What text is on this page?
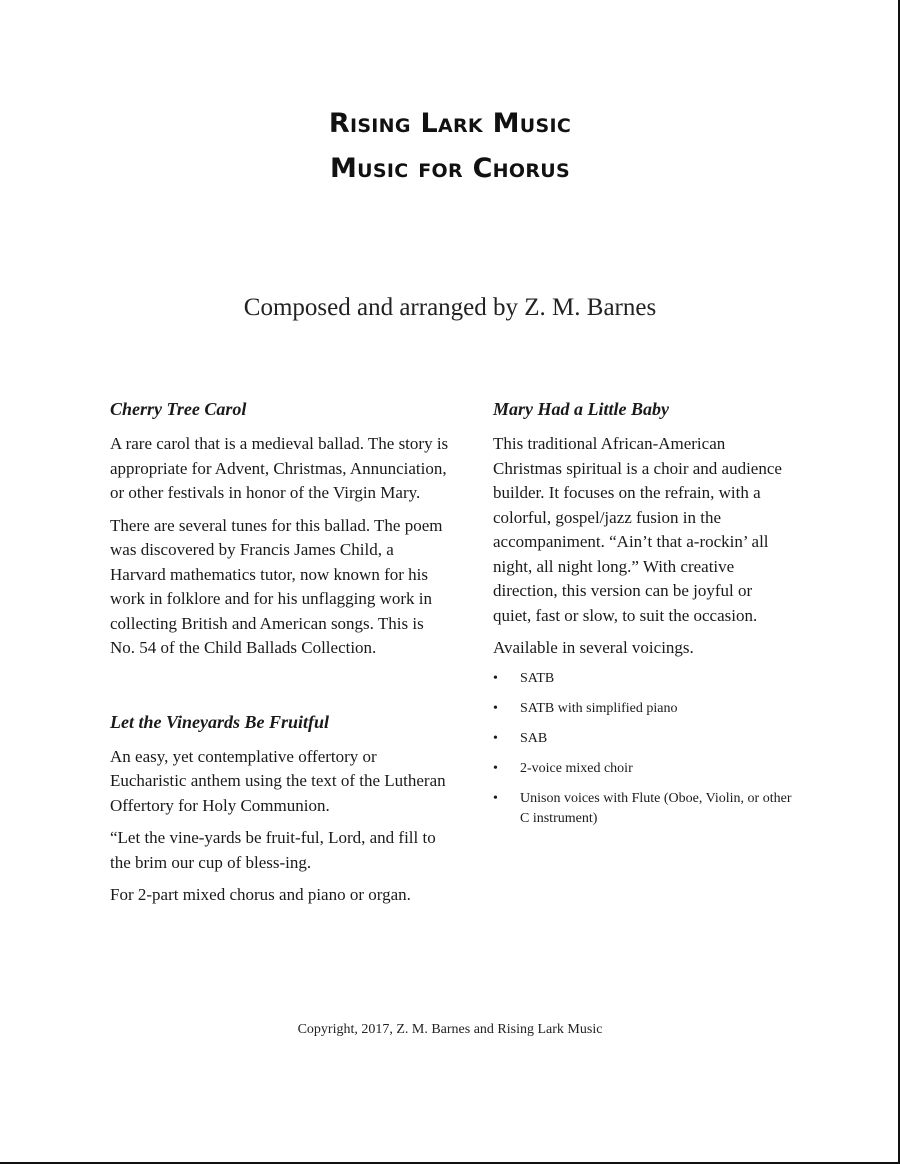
Rising Lark Music
Music for Chorus

Composed and arranged by Z. M. Barnes

Cherry Tree Carol

A rare carol that is a medieval ballad. The story is appropriate for Advent, Christmas, Annunciation, or other festivals in honor of the Virgin Mary.

There are several tunes for this ballad. The poem was discovered by Francis James Child, a Harvard mathematics tutor, now known for his work in folklore and for his unflagging work in collecting British and American songs. This is No. 54 of the Child Ballads Collection.

Let the Vineyards Be Fruitful

An easy, yet contemplative offertory or Eucharistic anthem using the text of the Lutheran Offertory for Holy Communion.

“Let the vine-yards be fruit-ful, Lord, and fill to the brim our cup of bless-ing.

For 2-part mixed chorus and piano or organ.

Mary Had a Little Baby

This traditional African-American Christmas spiritual is a choir and audience builder. It focuses on the refrain, with a colorful, gospel/jazz fusion in the accompaniment. “Ain’t that a-rockin’ all night, all night long.” With creative direction, this version can be joyful or quiet, fast or slow, to suit the occasion.

Available in several voicings.

• SATB
• SATB with simplified piano
• SAB
• 2-voice mixed choir
• Unison voices with Flute (Oboe, Violin, or other C instrument)

Copyright, 2017, Z. M. Barnes and Rising Lark Music
